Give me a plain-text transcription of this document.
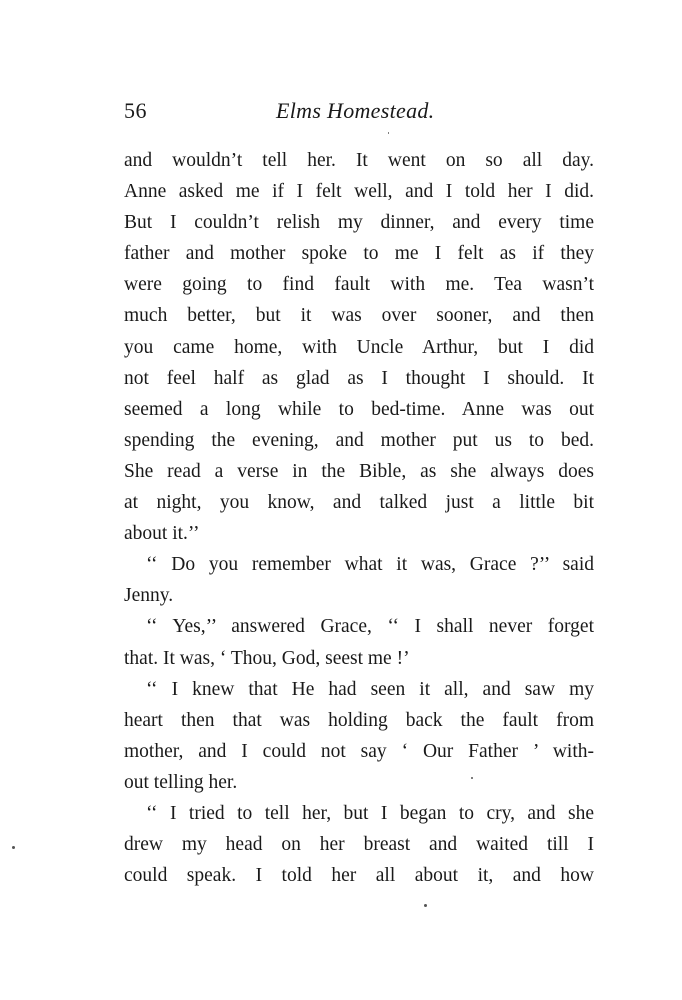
56	Elms Homestead.
and wouldn’t tell her. It went on so all day.
Anne asked me if I felt well, and I told her I did.
But I couldn’t relish my dinner, and every time
father and mother spoke to me I felt as if they
were going to find fault with me. Tea wasn’t
much better, but it was over sooner, and then
you came home, with Uncle Arthur, but I did
not feel half as glad as I thought I should. It
seemed a long while to bed-time. Anne was out
spending the evening, and mother put us to bed.
She read a verse in the Bible, as she always does
at night, you know, and talked just a little bit
about it.’’
‘‘ Do you remember what it was, Grace ?’’ said
Jenny.
‘‘ Yes,’’ answered Grace, ‘‘ I shall never forget
that. It was, ‘ Thou, God, seest me !’
‘‘ I knew that He had seen it all, and saw my
heart then that was holding back the fault from
mother, and I could not say ‘ Our Father ’ with-
out telling her.
‘‘ I tried to tell her, but I began to cry, and she
drew my head on her breast and waited till I
could speak. I told her all about it, and how
